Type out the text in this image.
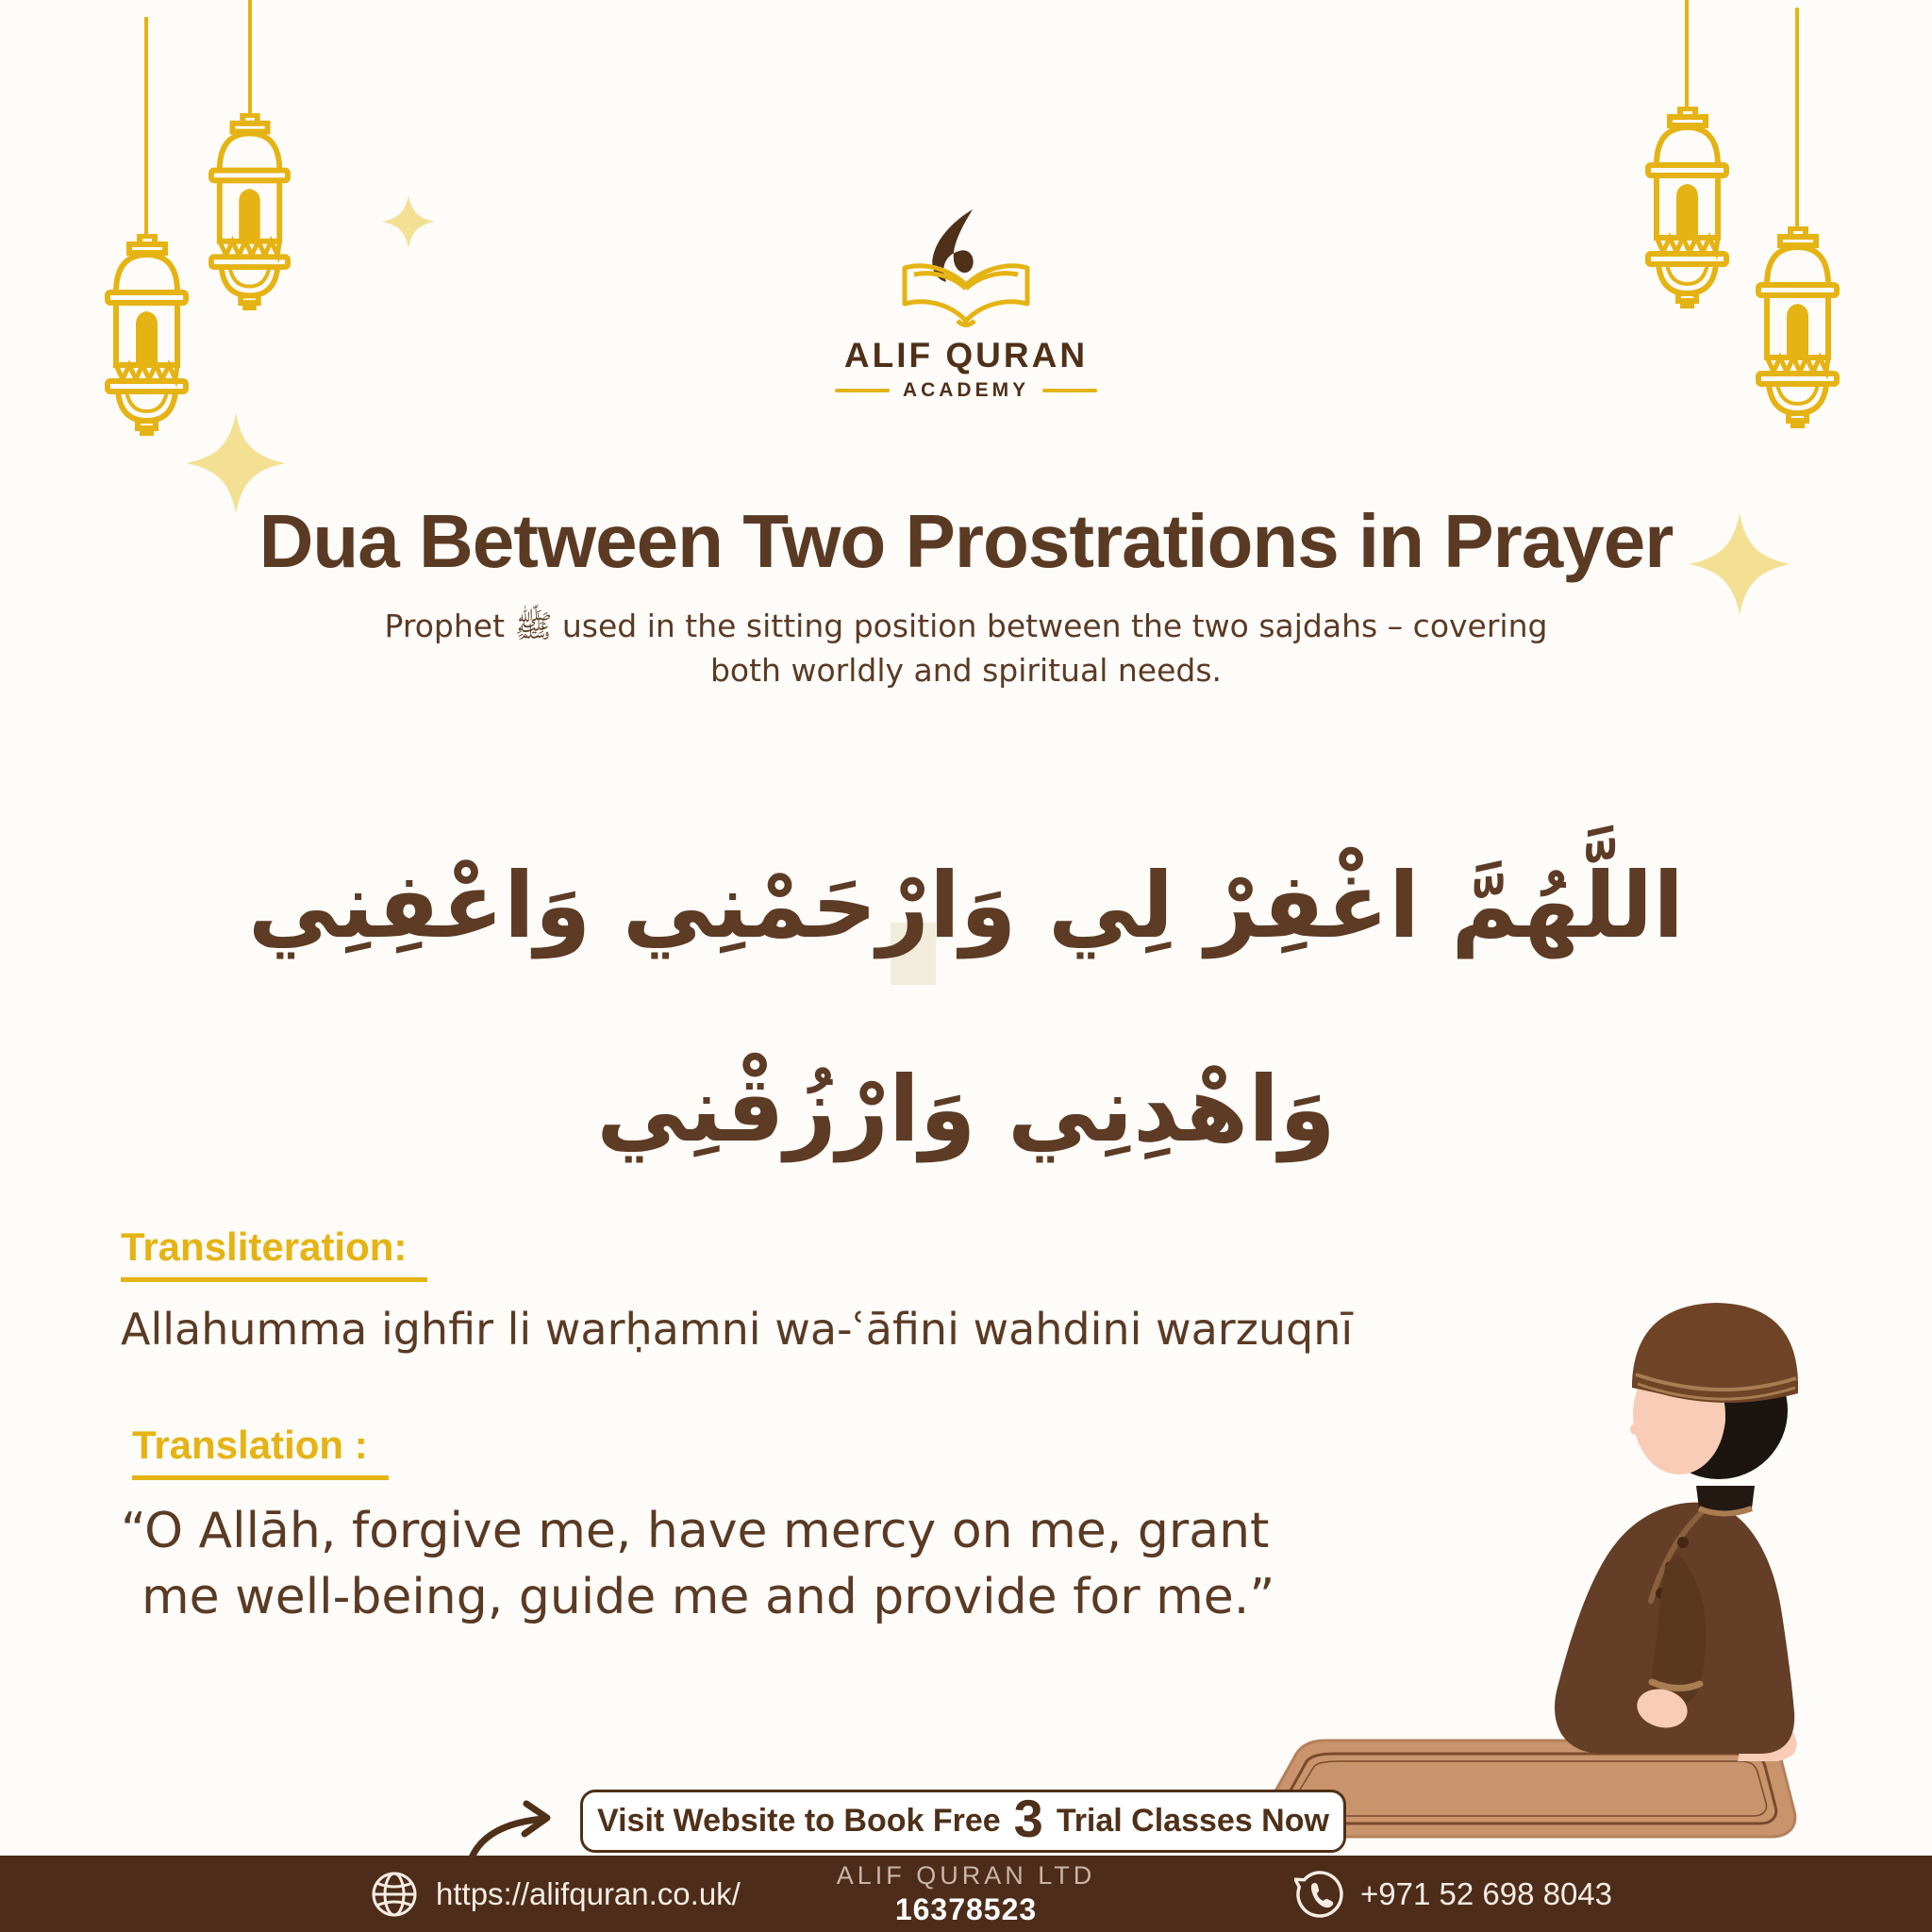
ALIF QURAN
ACADEMY
Dua Between Two Prostrations in Prayer
Prophet ﷺ used in the sitting position between the two sajdahs – covering
both worldly and spiritual needs.
اللَّهُمَّ اغْفِرْ لِي وَارْحَمْنِي وَاعْفِنِي
وَاهْدِنِي وَارْزُقْنِي
Transliteration:
Allahumma ighfir li warḥamni wa-ʿāfini wahdini warzuqnī
Translation :
“O Allāh, forgive me, have mercy on me, grant
me well-being, guide me and provide for me.”
Visit Website to Book Free 3 Trial Classes Now
https://alifquran.co.uk/
ALIF QURAN LTD
16378523	+971 52 698 8043
